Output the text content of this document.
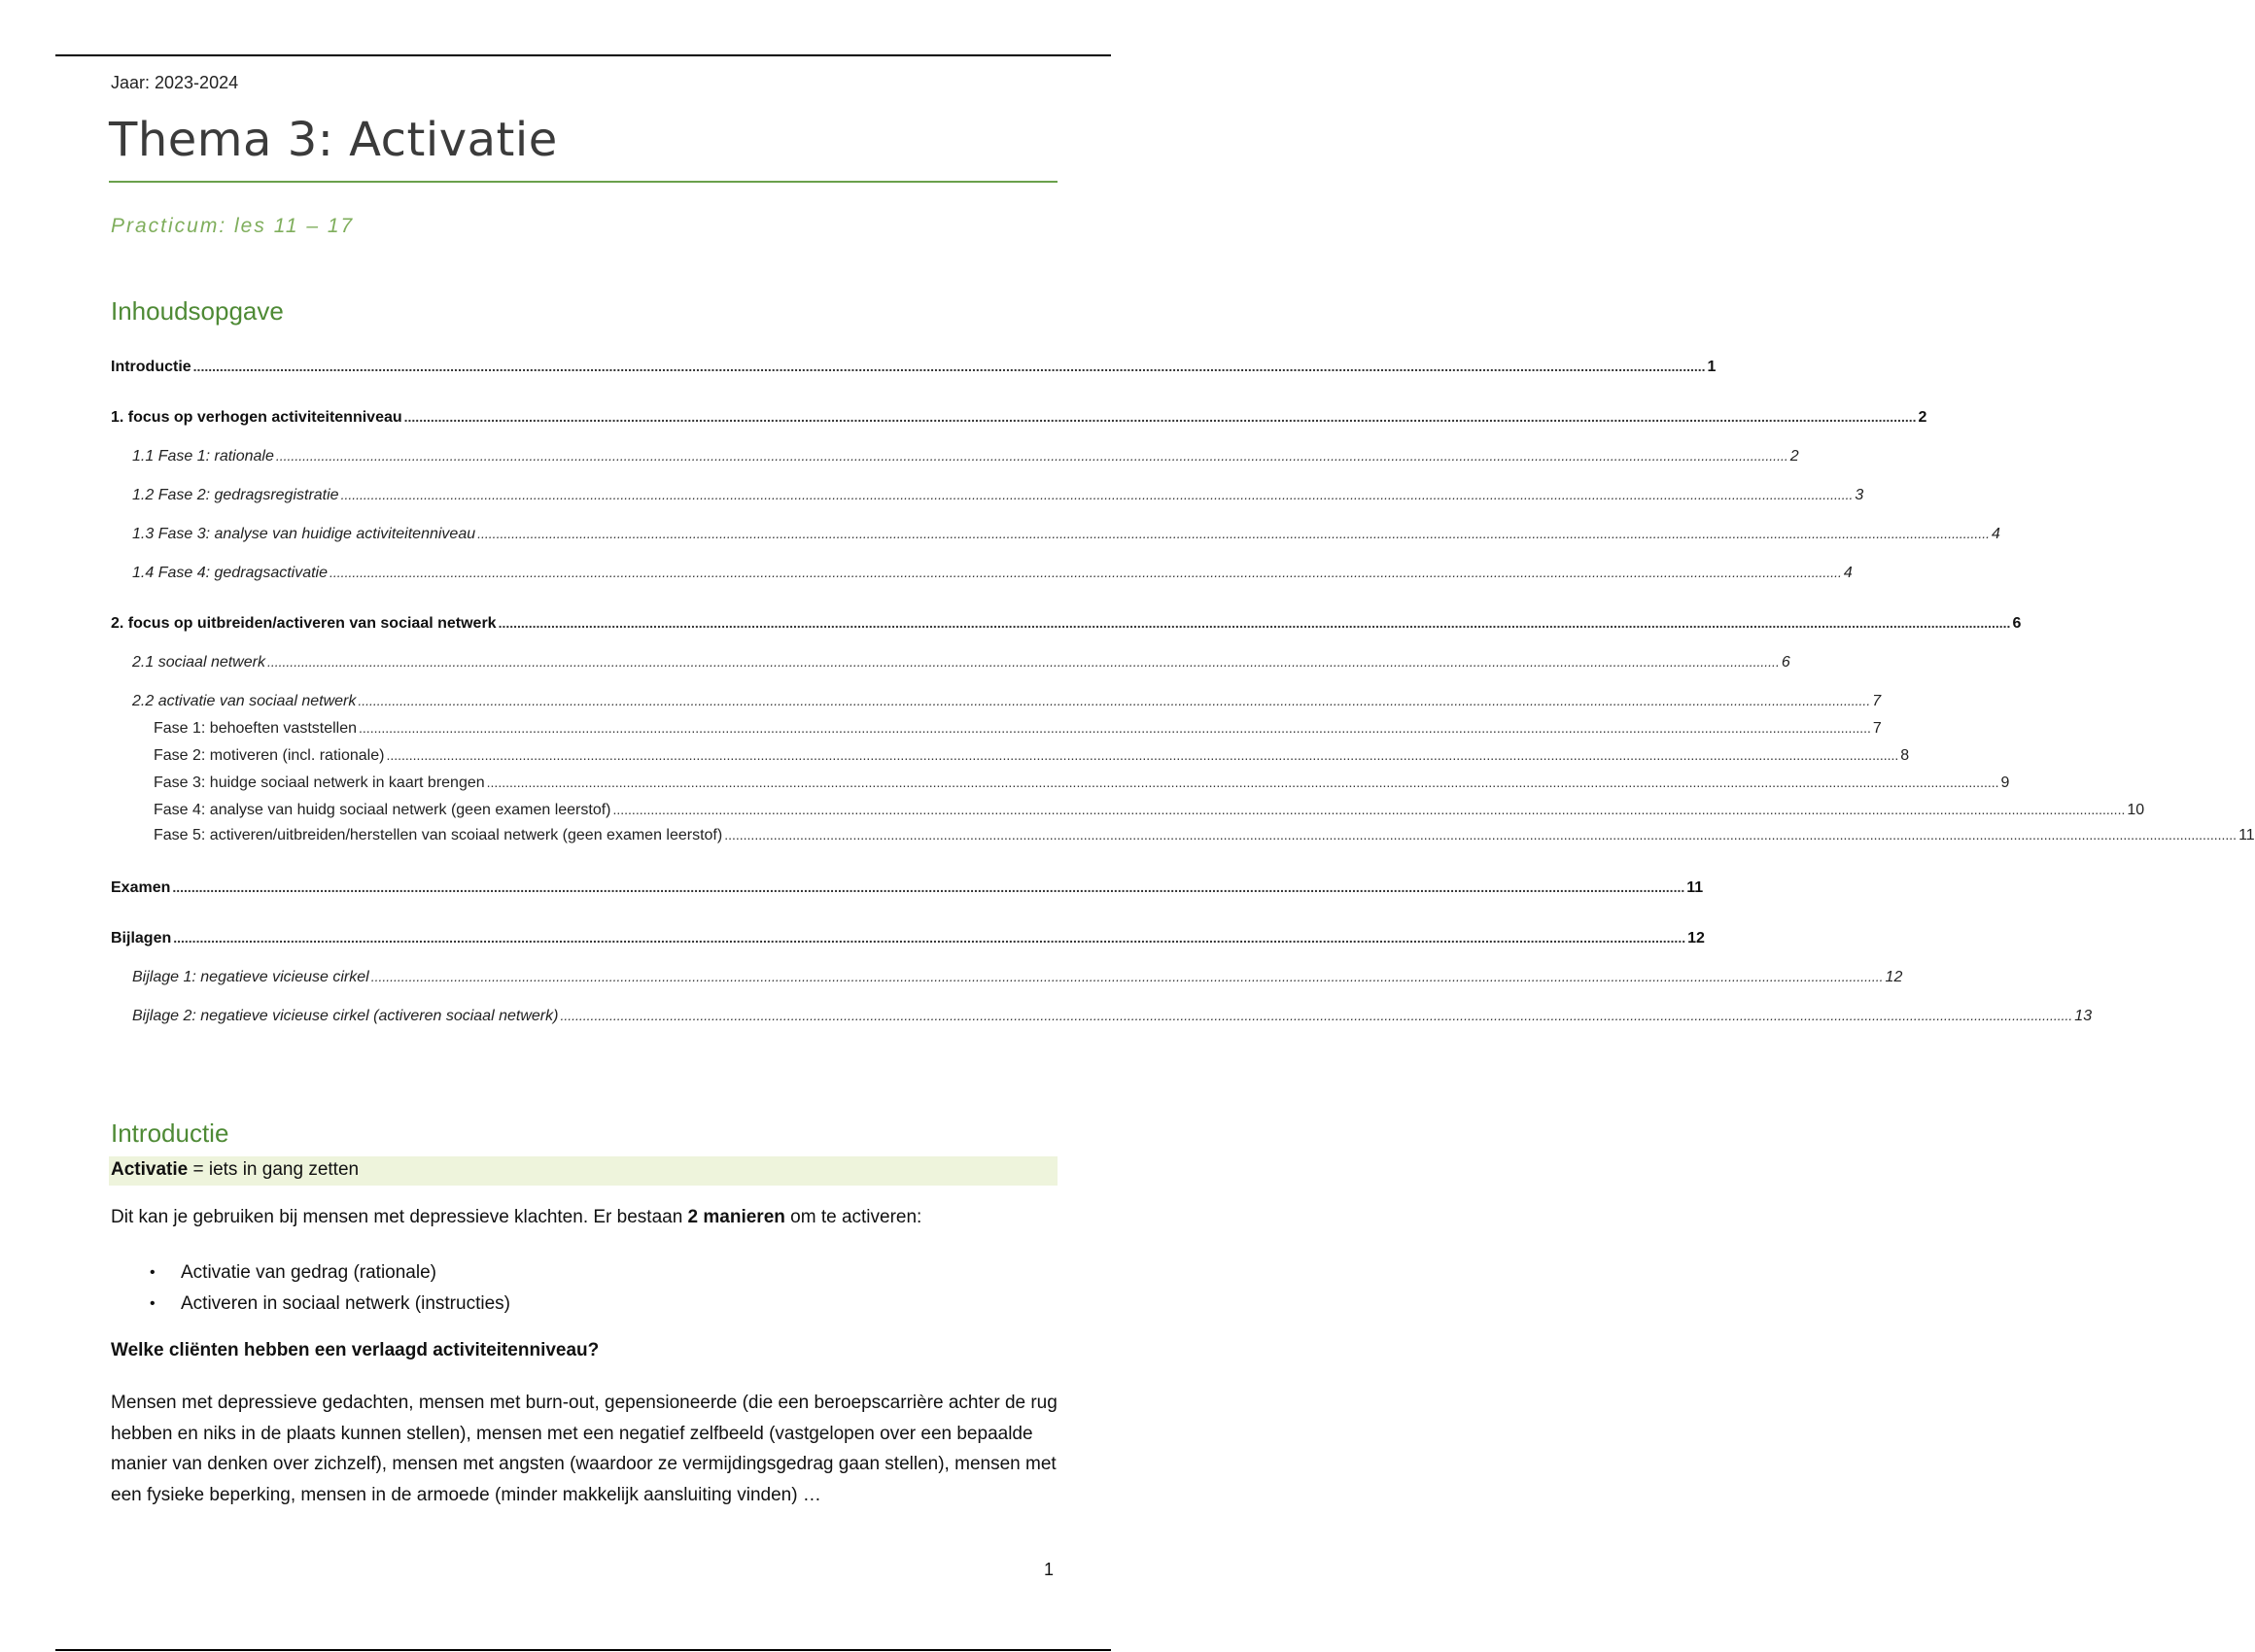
Jaar: 2023-2024
Thema 3: Activatie
Practicum: les 11 – 17
Inhoudsopgave
Introductie ................................................................................................................................................................................................................................................................................................................................................................................................................ 1
1. focus op verhogen activiteitenniveau ................................................................................................................................................................................................................................................................................................................................................................................................................ 2
1.1 Fase 1: rationale ................................................................................................................................................................................................................................................................................................................................................................................................................ 2
1.2 Fase 2: gedragsregistratie ................................................................................................................................................................................................................................................................................................................................................................................................................ 3
1.3 Fase 3: analyse van huidige activiteitenniveau ................................................................................................................................................................................................................................................................................................................................................................................................................ 4
1.4 Fase 4: gedragsactivatie ................................................................................................................................................................................................................................................................................................................................................................................................................ 4
2. focus op uitbreiden/activeren van sociaal netwerk ................................................................................................................................................................................................................................................................................................................................................................................................................ 6
2.1 sociaal netwerk ................................................................................................................................................................................................................................................................................................................................................................................................................ 6
2.2 activatie van sociaal netwerk ................................................................................................................................................................................................................................................................................................................................................................................................................ 7
Fase 1: behoeften vaststellen ................................................................................................................................................................................................................................................................................................................................................................................................................ 7
Fase 2: motiveren (incl. rationale) ................................................................................................................................................................................................................................................................................................................................................................................................................ 8
Fase 3: huidge sociaal netwerk in kaart brengen ................................................................................................................................................................................................................................................................................................................................................................................................................ 9
Fase 4: analyse van huidg sociaal netwerk (geen examen leerstof) ................................................................................................................................................................................................................................................................................................................................................................................................................ 10
Fase 5: activeren/uitbreiden/herstellen van scoiaal netwerk (geen examen leerstof) ................................................................................................................................................................................................................................................................................................................................................................................................................ 11
Examen ................................................................................................................................................................................................................................................................................................................................................................................................................ 11
Bijlagen ................................................................................................................................................................................................................................................................................................................................................................................................................ 12
Bijlage 1: negatieve vicieuse cirkel ................................................................................................................................................................................................................................................................................................................................................................................................................ 12
Bijlage 2: negatieve vicieuse cirkel (activeren sociaal netwerk) ................................................................................................................................................................................................................................................................................................................................................................................................................ 13
Introductie
Activatie = iets in gang zetten
Dit kan je gebruiken bij mensen met depressieve klachten. Er bestaan 2 manieren om te activeren:
• Activatie van gedrag (rationale)
• Activeren in sociaal netwerk (instructies)
Welke cliënten hebben een verlaagd activiteitenniveau?
Mensen met depressieve gedachten, mensen met burn-out, gepensioneerde (die een beroepscarrière achter de rug hebben en niks in de plaats kunnen stellen), mensen met een negatief zelfbeeld (vastgelopen over een bepaalde manier van denken over zichzelf), mensen met angsten (waardoor ze vermijdingsgedrag gaan stellen), mensen met een fysieke beperking, mensen in de armoede (minder makkelijk aansluiting vinden) …
1
